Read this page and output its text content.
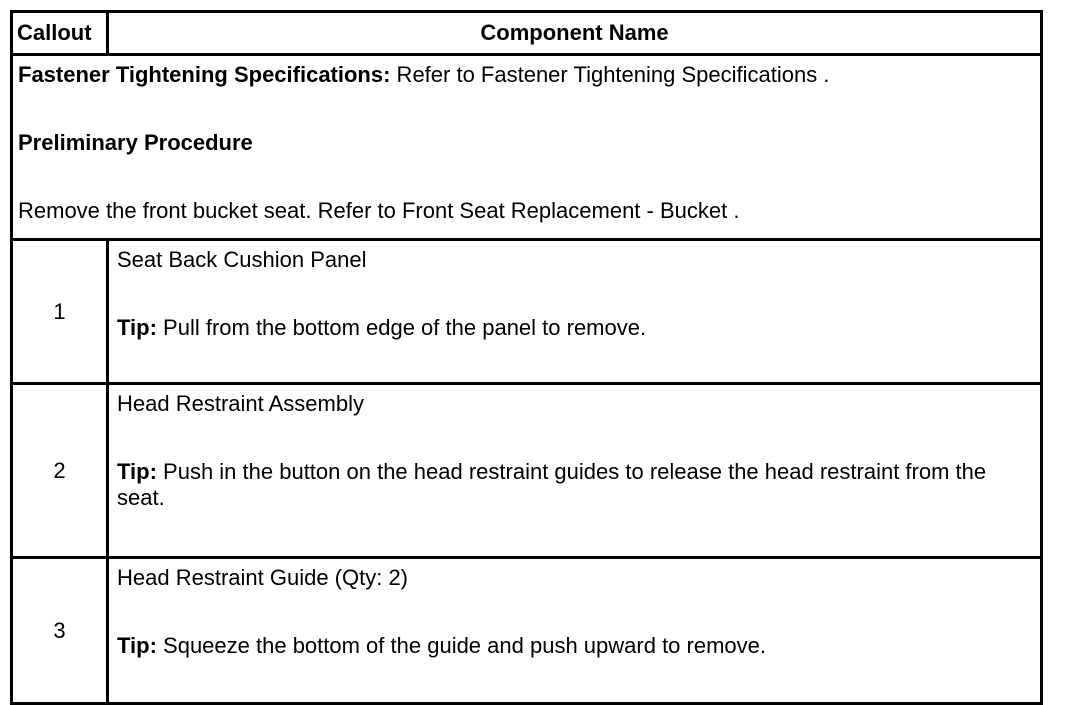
Callout	Component Name

Fastener Tightening Specifications: Refer to Fastener Tightening Specifications .

Preliminary Procedure

Remove the front bucket seat. Refer to Front Seat Replacement - Bucket .	

1	Seat Back Cushion Panel

Tip: Pull from the bottom edge of the panel to remove.

2	Head Restraint Assembly

Tip: Push in the button on the head restraint guides to release the head restraint from the seat.

3	Head Restraint Guide (Qty: 2)

Tip: Squeeze the bottom of the guide and push upward to remove.
